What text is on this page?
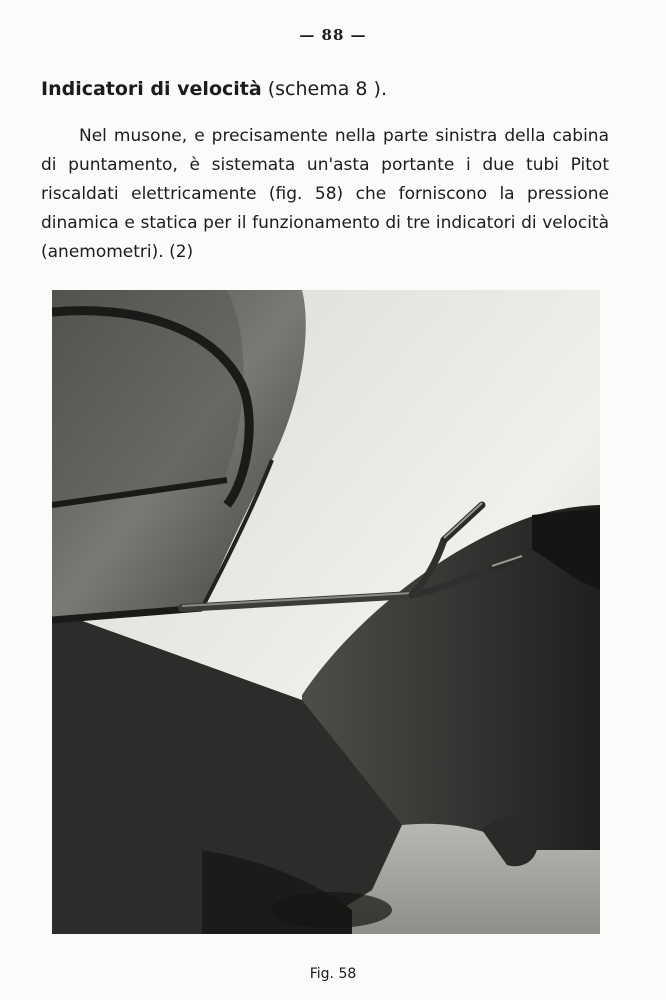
— 88 —
Indicatori di velocità (schema 8 ).

Nel musone, e precisamente nella parte sinistra della cabina di puntamento, è sistemata un'asta portante i due tubi Pitot riscaldati elettricamente (fig. 58) che forniscono la pressione dinamica e statica per il funzionamento di tre indicatori di velocità (anemometri). (2)

Fig. 58
